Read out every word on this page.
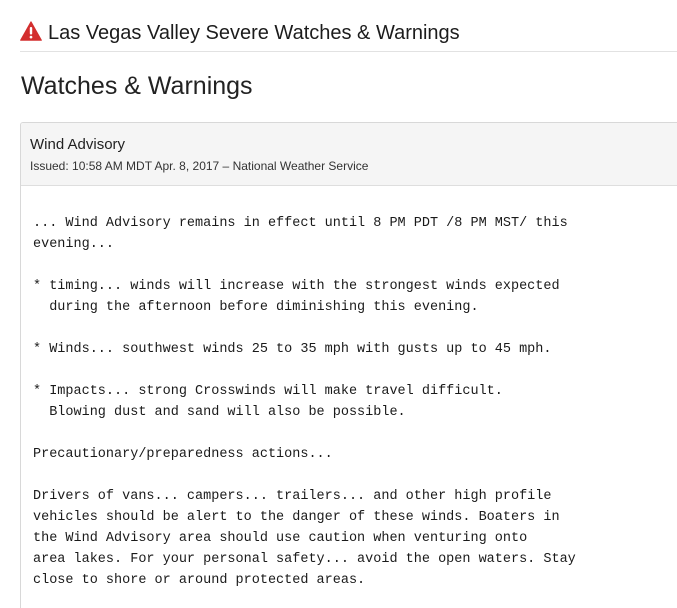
Las Vegas Valley Severe Watches & Warnings
Watches & Warnings
Wind Advisory
Issued: 10:58 AM MDT Apr. 8, 2017 – National Weather Service
... Wind Advisory remains in effect until 8 PM PDT /8 PM MST/ this
evening...

* timing... winds will increase with the strongest winds expected
during the afternoon before diminishing this evening.

* Winds... southwest winds 25 to 35 mph with gusts up to 45 mph.

* Impacts... strong Crosswinds will make travel difficult.
Blowing dust and sand will also be possible.

Precautionary/preparedness actions...

Drivers of vans... campers... trailers... and other high profile
vehicles should be alert to the danger of these winds. Boaters in
the Wind Advisory area should use caution when venturing onto
area lakes. For your personal safety... avoid the open waters. Stay
close to shore or around protected areas.
